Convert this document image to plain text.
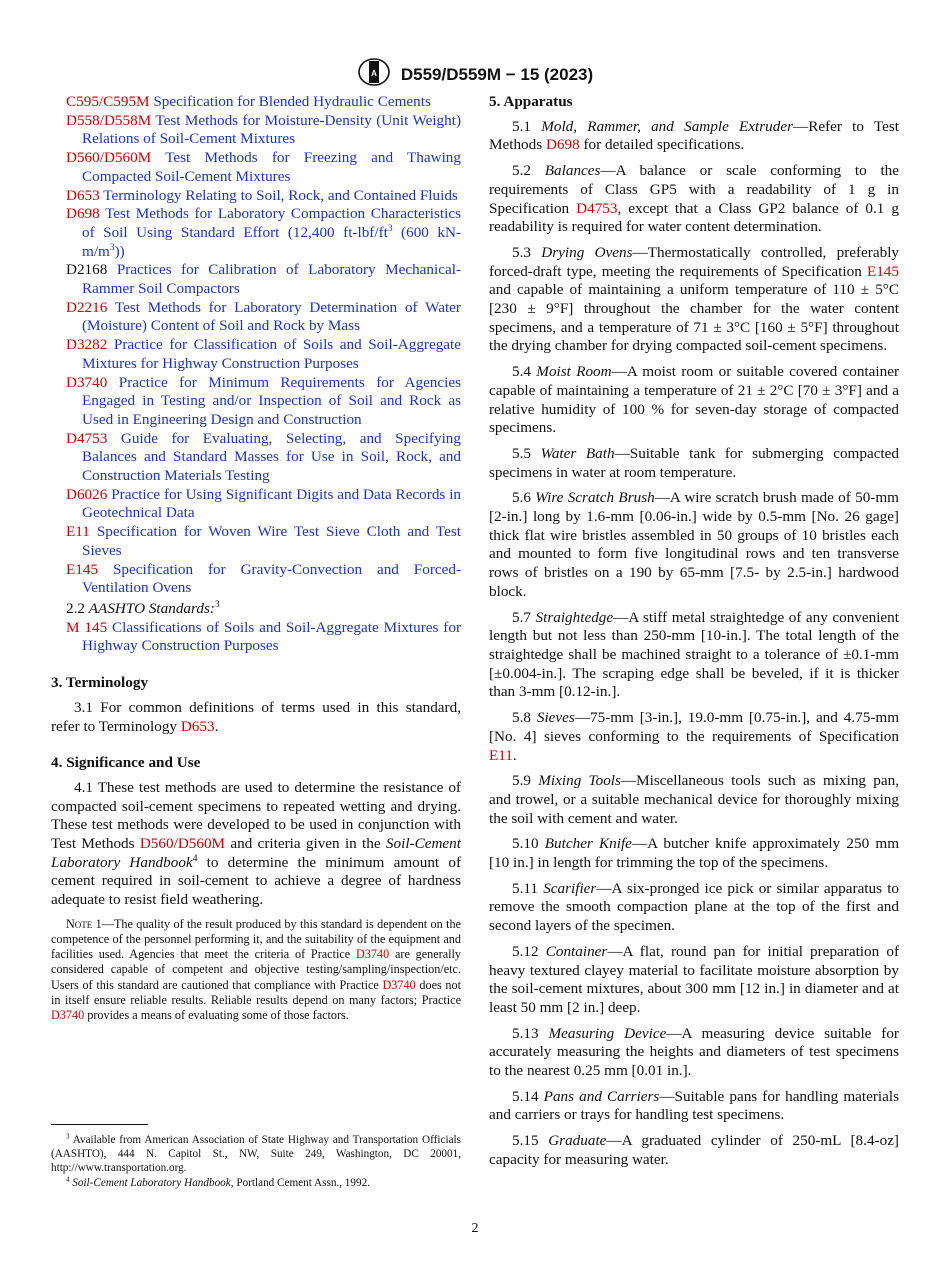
A D559/D559M − 15 (2023)

C595/C595M Specification for Blended Hydraulic Cements

D558/D558M Test Methods for Moisture-Density (Unit Weight) Relations of Soil-Cement Mixtures

D560/D560M Test Methods for Freezing and Thawing Compacted Soil-Cement Mixtures

D653 Terminology Relating to Soil, Rock, and Contained Fluids

D698 Test Methods for Laboratory Compaction Characteristics of Soil Using Standard Effort (12,400 $ft-lbf/ft^3$ (600 $kN-m/m^3$))

D2168 Practices for Calibration of Laboratory Mechanical-Rammer Soil Compactors

D2216 Test Methods for Laboratory Determination of Water (Moisture) Content of Soil and Rock by Mass

D3282 Practice for Classification of Soils and Soil-Aggregate Mixtures for Highway Construction Purposes

D3740 Practice for Minimum Requirements for Agencies Engaged in Testing and/or Inspection of Soil and Rock as Used in Engineering Design and Construction

D4753 Guide for Evaluating, Selecting, and Specifying Balances and Standard Masses for Use in Soil, Rock, and Construction Materials Testing

D6026 Practice for Using Significant Digits and Data Records in Geotechnical Data

E11 Specification for Woven Wire Test Sieve Cloth and Test Sieves

E145 Specification for Gravity-Convection and Forced-Ventilation Ovens

2.2 AASHTO Standards:$^3$

M 145 Classifications of Soils and Soil-Aggregate Mixtures for Highway Construction Purposes

3. Terminology

3.1 For common definitions of terms used in this standard, refer to Terminology D653.

4. Significance and Use

4.1 These test methods are used to determine the resistance of compacted soil-cement specimens to repeated wetting and drying. These test methods were developed to be used in conjunction with Test Methods D560/D560M and criteria given in the Soil-Cement Laboratory Handbook$^4$ to determine the minimum amount of cement required in soil-cement to achieve a degree of hardness adequate to resist field weathering.

Note 1—The quality of the result produced by this standard is dependent on the competence of the personnel performing it, and the suitability of the equipment and facilities used. Agencies that meet the criteria of Practice D3740 are generally considered capable of competent and objective testing/sampling/inspection/etc. Users of this standard are cautioned that compliance with Practice D3740 does not in itself ensure reliable results. Reliable results depend on many factors; Practice D3740 provides a means of evaluating some of those factors.

$^3$ Available from American Association of State Highway and Transportation Officials (AASHTO), 444 N. Capitol St., NW, Suite 249, Washington, DC 20001, http://www.transportation.org.

$^4$ Soil-Cement Laboratory Handbook, Portland Cement Assn., 1992.

5. Apparatus

5.1 Mold, Rammer, and Sample Extruder—Refer to Test Methods D698 for detailed specifications.

5.2 Balances—A balance or scale conforming to the requirements of Class GP5 with a readability of 1 g in Specification D4753, except that a Class GP2 balance of 0.1 g readability is required for water content determination.

5.3 Drying Ovens—Thermostatically controlled, preferably forced-draft type, meeting the requirements of Specification E145 and capable of maintaining a uniform temperature of 110 ± 5°C [230 ± 9°F] throughout the chamber for the water content specimens, and a temperature of 71 ± 3°C [160 ± 5°F] throughout the drying chamber for drying compacted soil-cement specimens.

5.4 Moist Room—A moist room or suitable covered container capable of maintaining a temperature of 21 ± 2°C [70 ± 3°F] and a relative humidity of 100 % for seven-day storage of compacted specimens.

5.5 Water Bath—Suitable tank for submerging compacted specimens in water at room temperature.

5.6 Wire Scratch Brush—A wire scratch brush made of 50-mm [2-in.] long by 1.6-mm [0.06-in.] wide by 0.5-mm [No. 26 gage] thick flat wire bristles assembled in 50 groups of 10 bristles each and mounted to form five longitudinal rows and ten transverse rows of bristles on a 190 by 65-mm [7.5- by 2.5-in.] hardwood block.

5.7 Straightedge—A stiff metal straightedge of any convenient length but not less than 250-mm [10-in.]. The total length of the straightedge shall be machined straight to a tolerance of ±0.1-mm [±0.004-in.]. The scraping edge shall be beveled, if it is thicker than 3-mm [0.12-in.].

5.8 Sieves—75-mm [3-in.], 19.0-mm [0.75-in.], and 4.75-mm [No. 4] sieves conforming to the requirements of Specification E11.

5.9 Mixing Tools—Miscellaneous tools such as mixing pan, and trowel, or a suitable mechanical device for thoroughly mixing the soil with cement and water.

5.10 Butcher Knife—A butcher knife approximately 250 mm [10 in.] in length for trimming the top of the specimens.

5.11 Scarifier—A six-pronged ice pick or similar apparatus to remove the smooth compaction plane at the top of the first and second layers of the specimen.

5.12 Container—A flat, round pan for initial preparation of heavy textured clayey material to facilitate moisture absorption by the soil-cement mixtures, about 300 mm [12 in.] in diameter and at least 50 mm [2 in.] deep.

5.13 Measuring Device—A measuring device suitable for accurately measuring the heights and diameters of test specimens to the nearest 0.25 mm [0.01 in.].

5.14 Pans and Carriers—Suitable pans for handling materials and carriers or trays for handling test specimens.

5.15 Graduate—A graduated cylinder of 250-mL [8.4-oz] capacity for measuring water.

2
